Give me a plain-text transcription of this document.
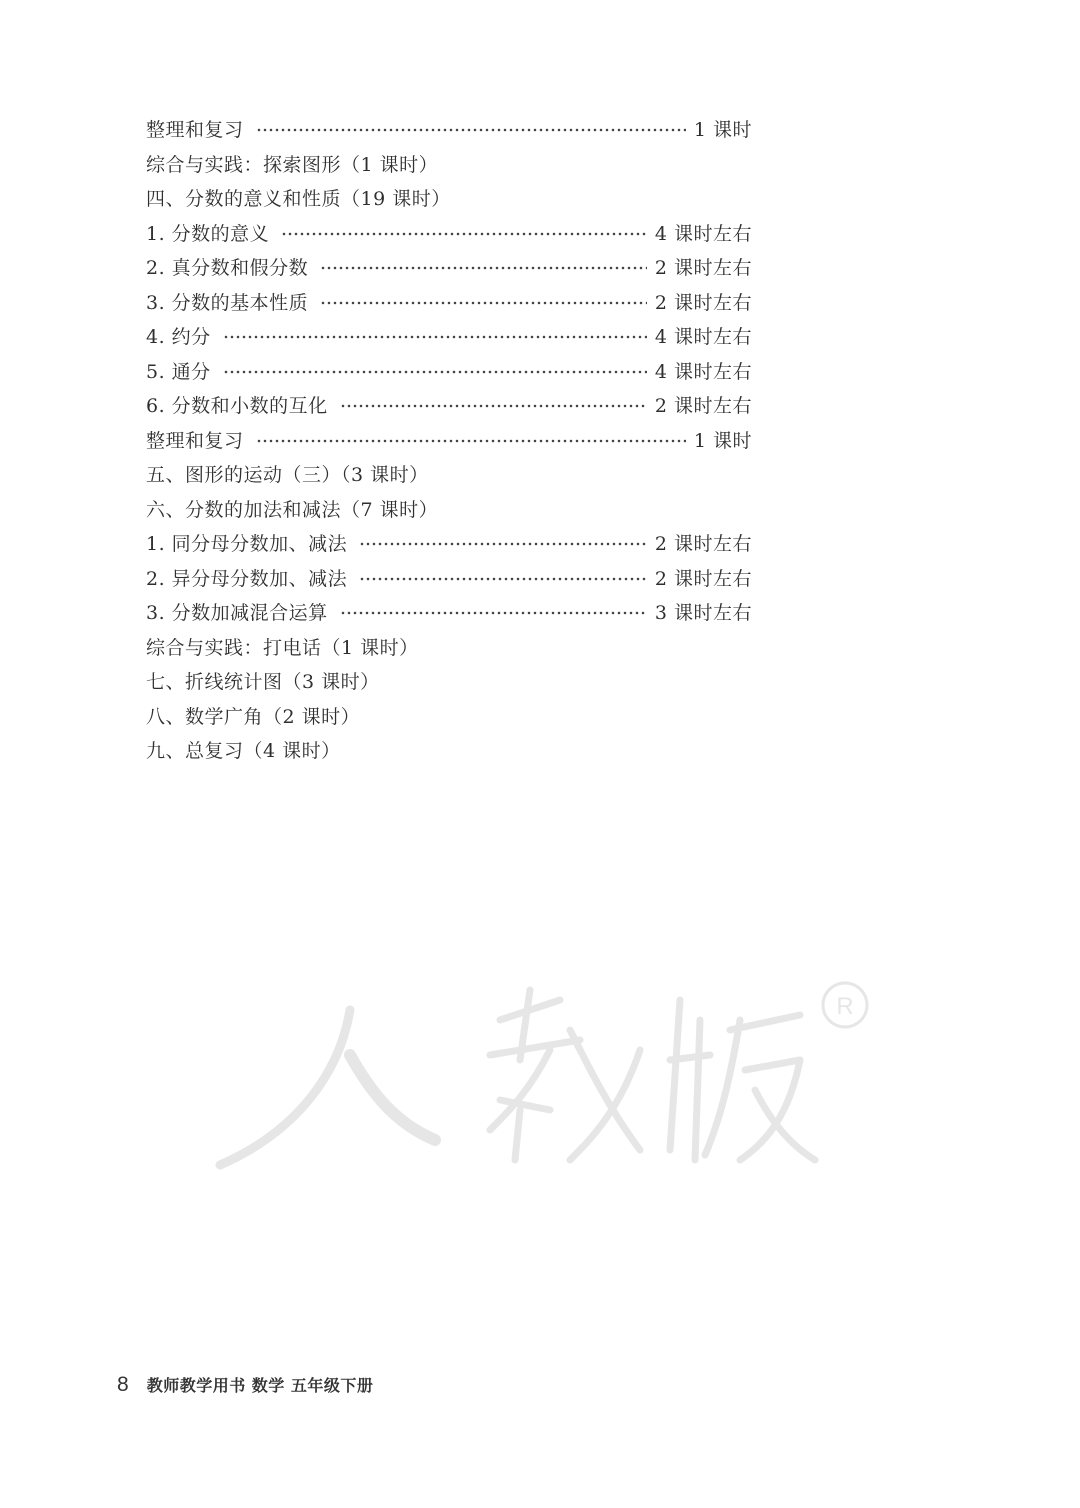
整理和复习	1 课时
综合与实践：探索图形（1 课时）
四、分数的意义和性质（19 课时）
1. 分数的意义	4 课时左右
2. 真分数和假分数	2 课时左右
3. 分数的基本性质	2 课时左右
4. 约分	4 课时左右
5. 通分	4 课时左右
6. 分数和小数的互化	2 课时左右
整理和复习	1 课时
五、图形的运动（三）（3 课时）
六、分数的加法和减法（7 课时）
1. 同分母分数加、减法	2 课时左右
2. 异分母分数加、减法	2 课时左右
3. 分数加减混合运算	3 课时左右
综合与实践：打电话（1 课时）
七、折线统计图（3 课时）
八、数学广角（2 课时）
九、总复习（4 课时）
R
8 教师教学用书 数学 五年级下册
